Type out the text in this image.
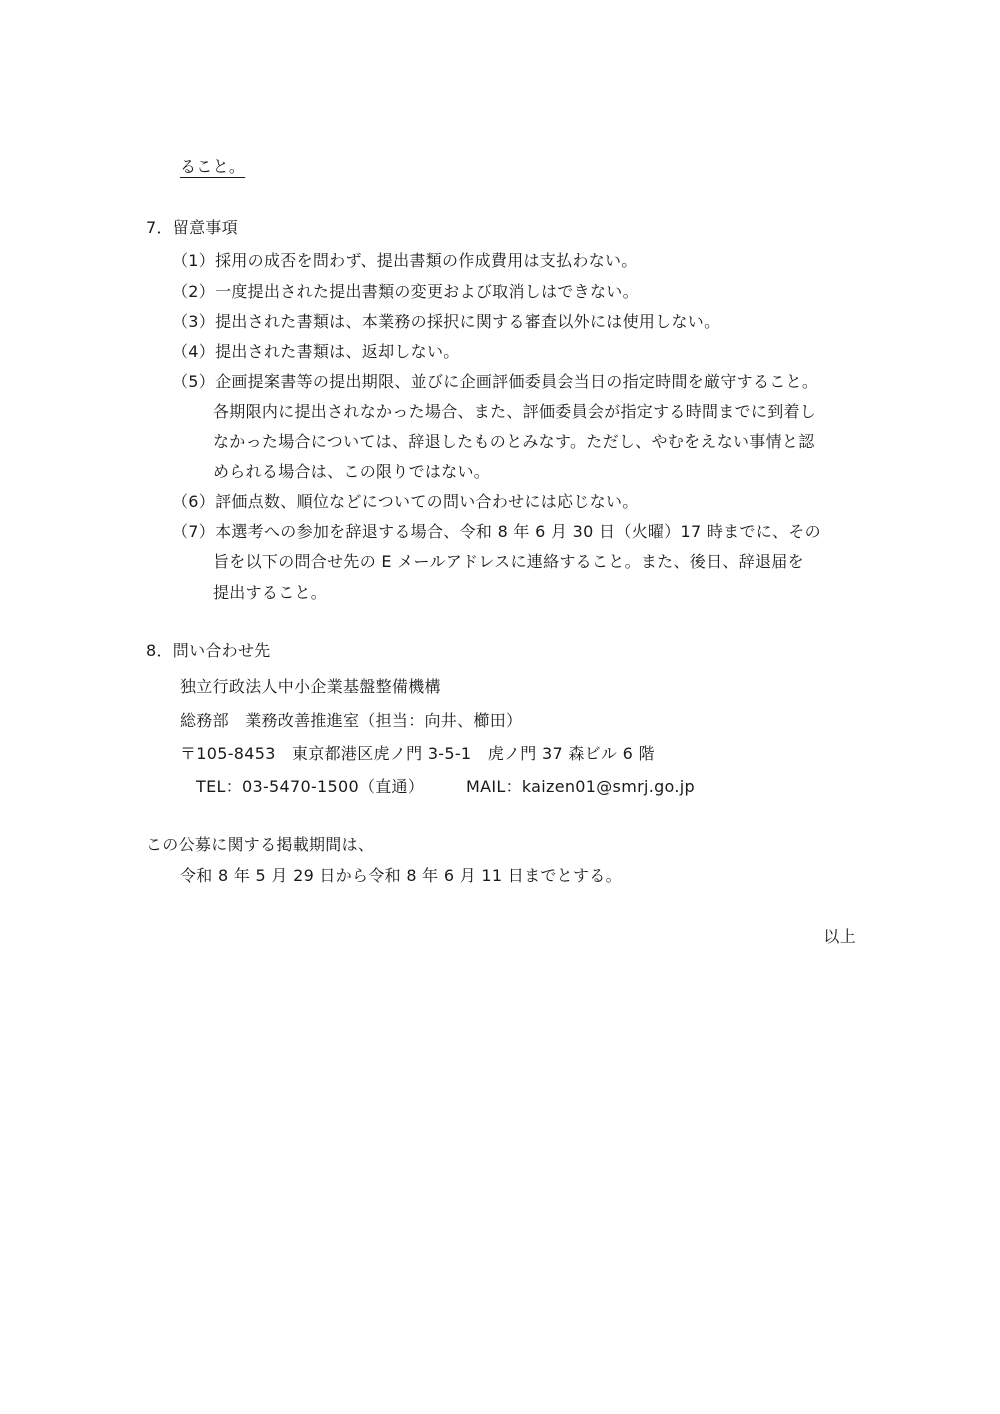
ること。
7．留意事項
（1）採用の成否を問わず、提出書類の作成費用は支払わない。
（2）一度提出された提出書類の変更および取消しはできない。
（3）提出された書類は、本業務の採択に関する審査以外には使用しない。
（4）提出された書類は、返却しない。
（5）企画提案書等の提出期限、並びに企画評価委員会当日の指定時間を厳守すること。
各期限内に提出されなかった場合、また、評価委員会が指定する時間までに到着し
なかった場合については、辞退したものとみなす。ただし、やむをえない事情と認
められる場合は、この限りではない。
（6）評価点数、順位などについての問い合わせには応じない。
（7）本選考への参加を辞退する場合、令和 8 年 6 月 30 日（火曜）17 時までに、その
旨を以下の問合せ先の E メールアドレスに連絡すること。また、後日、辞退届を
提出すること。
8．問い合わせ先
独立行政法人中小企業基盤整備機構
総務部　業務改善推進室（担当：向井、櫛田）
〒105-8453　東京都港区虎ノ門 3-5-1　虎ノ門 37 森ビル 6 階
TEL：03-5470-1500（直通）	MAIL：kaizen01@smrj.go.jp
この公募に関する掲載期間は、
令和 8 年 5 月 29 日から令和 8 年 6 月 11 日までとする。
以上
